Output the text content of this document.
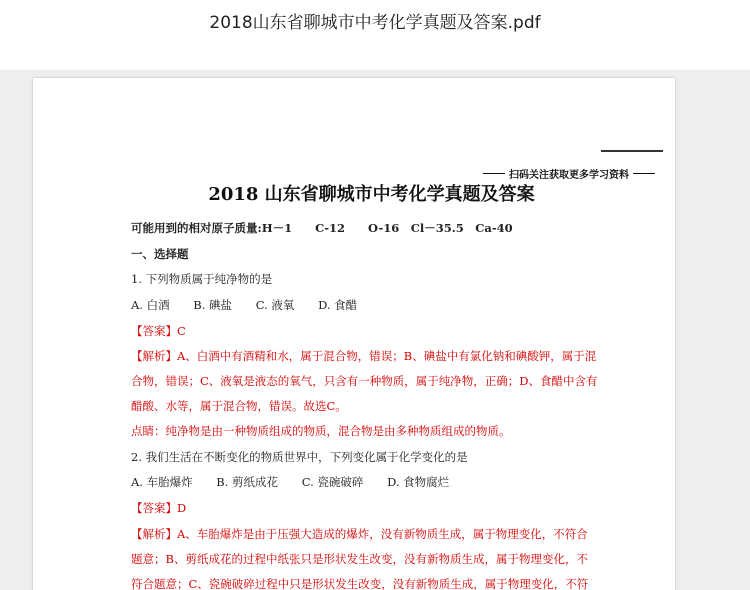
2018山东省聊城市中考化学真题及答案.pdf
扫码关注获取更多学习资料
2018 山东省聊城市中考化学真题及答案
可能用到的相对原子质量:H－1　　C-12　　O-16　Cl－35.5　Ca-40
一、选择题
1. 下列物质属于纯净物的是
A. 白酒 B. 碘盐 C. 液氧 D. 食醋
【答案】C
【解析】A、白酒中有酒精和水，属于混合物，错误；B、碘盐中有氯化钠和碘酸钾，属于混
合物，错误；C、液氧是液态的氧气，只含有一种物质，属于纯净物，正确；D、食醋中含有
醋酸、水等，属于混合物，错误。故选C。
点睛：纯净物是由一种物质组成的物质，混合物是由多种物质组成的物质。
2. 我们生活在不断变化的物质世界中，下列变化属于化学变化的是
A. 车胎爆炸 B. 剪纸成花 C. 瓷碗破碎 D. 食物腐烂
【答案】D
【解析】A、车胎爆炸是由于压强大造成的爆炸，没有新物质生成，属于物理变化，不符合
题意；B、剪纸成花的过程中纸张只是形状发生改变，没有新物质生成，属于物理变化，不
符合题意；C、瓷碗破碎过程中只是形状发生改变，没有新物质生成，属于物理变化，不符
